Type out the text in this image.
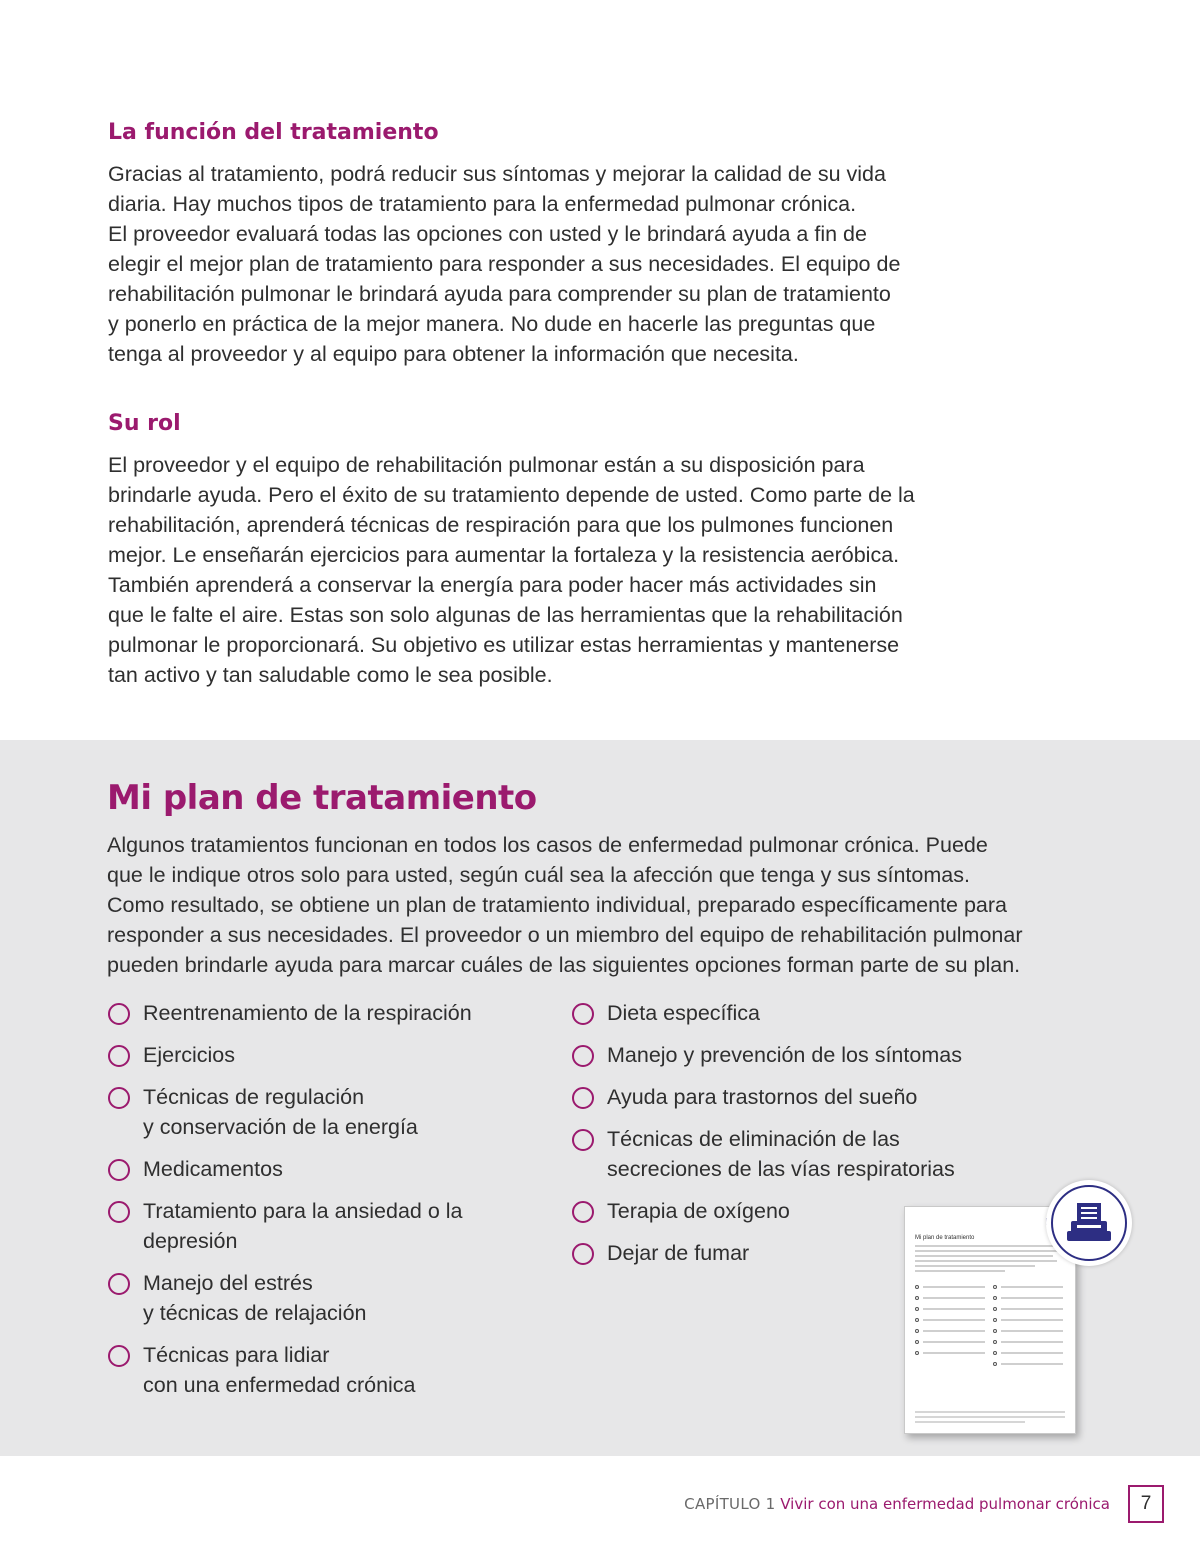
La función del tratamiento

Gracias al tratamiento, podrá reducir sus síntomas y mejorar la calidad de su vida
diaria. Hay muchos tipos de tratamiento para la enfermedad pulmonar crónica.
El proveedor evaluará todas las opciones con usted y le brindará ayuda a fin de
elegir el mejor plan de tratamiento para responder a sus necesidades. El equipo de
rehabilitación pulmonar le brindará ayuda para comprender su plan de tratamiento
y ponerlo en práctica de la mejor manera. No dude en hacerle las preguntas que
tenga al proveedor y al equipo para obtener la información que necesita.

Su rol

El proveedor y el equipo de rehabilitación pulmonar están a su disposición para
brindarle ayuda. Pero el éxito de su tratamiento depende de usted. Como parte de la
rehabilitación, aprenderá técnicas de respiración para que los pulmones funcionen
mejor. Le enseñarán ejercicios para aumentar la fortaleza y la resistencia aeróbica.
También aprenderá a conservar la energía para poder hacer más actividades sin
que le falte el aire. Estas son solo algunas de las herramientas que la rehabilitación
pulmonar le proporcionará. Su objetivo es utilizar estas herramientas y mantenerse
tan activo y tan saludable como le sea posible.

Mi plan de tratamiento

Algunos tratamientos funcionan en todos los casos de enfermedad pulmonar crónica. Puede
que le indique otros solo para usted, según cuál sea la afección que tenga y sus síntomas.
Como resultado, se obtiene un plan de tratamiento individual, preparado específicamente para
responder a sus necesidades. El proveedor o un miembro del equipo de rehabilitación pulmonar
pueden brindarle ayuda para marcar cuáles de las siguientes opciones forman parte de su plan.

Reentrenamiento de la respiración
Ejercicios
Técnicas de regulación
y conservación de la energía
Medicamentos
Tratamiento para la ansiedad o la
depresión
Manejo del estrés
y técnicas de relajación
Técnicas para lidiar
con una enfermedad crónica
Dieta específica
Manejo y prevención de los síntomas
Ayuda para trastornos del sueño
Técnicas de eliminación de las
secreciones de las vías respiratorias
Terapia de oxígeno
Dejar de fumar
Mi plan de tratamiento
CAPÍTULO 1 Vivir con una enfermedad pulmonar crónica	7
